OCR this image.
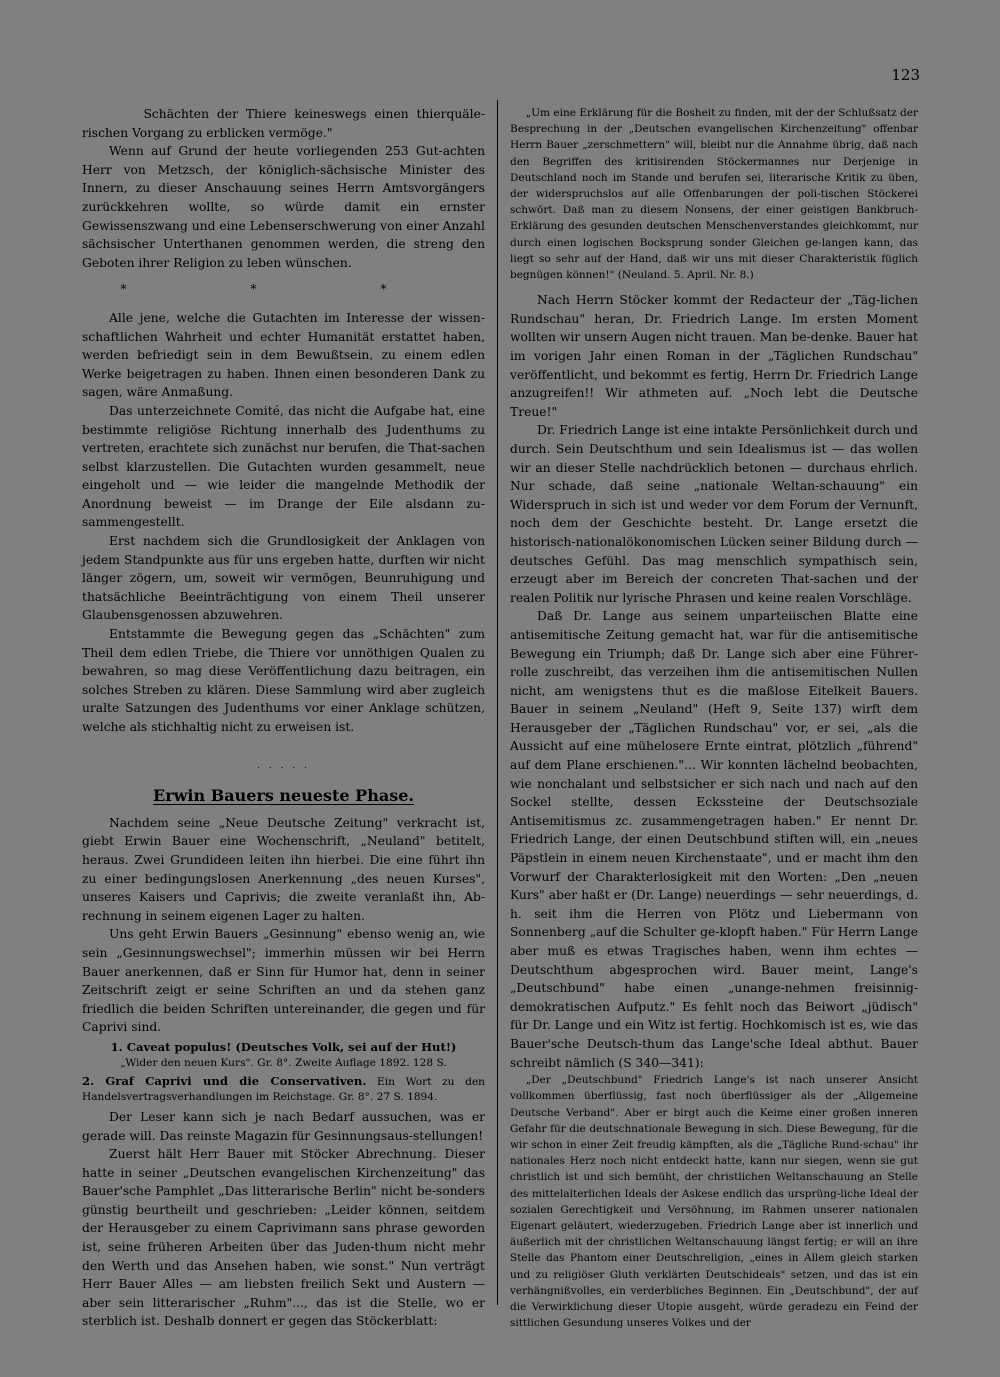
123

Schächten der Thiere keineswegs einen thierquäle-rischen Vorgang zu erblicken vermöge."

Wenn auf Grund der heute vorliegenden 253 Gut-achten Herr von Metzsch, der königlich-sächsische Minister des Innern, zu dieser Anschauung seines Herrn Amtsvorgängers zurückkehren wollte, so würde damit ein ernster Gewissenszwang und eine Lebenserschwerung von einer Anzahl sächsischer Unterthanen genommen werden, die streng den Geboten ihrer Religion zu leben wünschen.

* * *

Alle jene, welche die Gutachten im Interesse der wissen-schaftlichen Wahrheit und echter Humanität erstattet haben, werden befriedigt sein in dem Bewußtsein, zu einem edlen Werke beigetragen zu haben. Ihnen einen besonderen Dank zu sagen, wäre Anmaßung.

Das unterzeichnete Comité, das nicht die Aufgabe hat, eine bestimmte religiöse Richtung innerhalb des Judenthums zu vertreten, erachtete sich zunächst nur berufen, die That-sachen selbst klarzustellen. Die Gutachten wurden gesammelt, neue eingeholt und — wie leider die mangelnde Methodik der Anordnung beweist — im Drange der Eile alsdann zu-sammengestellt.

Erst nachdem sich die Grundlosigkeit der Anklagen von jedem Standpunkte aus für uns ergeben hatte, durften wir nicht länger zögern, um, soweit wir vermögen, Beunruhigung und thatsächliche Beeinträchtigung von einem Theil unserer Glaubensgenossen abzuwehren.

Entstammte die Bewegung gegen das „Schächten" zum Theil dem edlen Triebe, die Thiere vor unnöthigen Qualen zu bewahren, so mag diese Veröffentlichung dazu beitragen, ein solches Streben zu klären. Diese Sammlung wird aber zugleich uralte Satzungen des Judenthums vor einer Anklage schützen, welche als stichhaltig nicht zu erweisen ist.

. . . . .
Erwin Bauers neueste Phase.

Nachdem seine „Neue Deutsche Zeitung" verkracht ist, giebt Erwin Bauer eine Wochenschrift, „Neuland" betitelt, heraus. Zwei Grundideen leiten ihn hierbei. Die eine führt ihn zu einer bedingungslosen Anerkennung „des neuen Kurses", unseres Kaisers und Caprivis; die zweite veranlaßt ihn, Ab-rechnung in seinem eigenen Lager zu halten.

Uns geht Erwin Bauers „Gesinnung" ebenso wenig an, wie sein „Gesinnungswechsel"; immerhin müssen wir bei Herrn Bauer anerkennen, daß er Sinn für Humor hat, denn in seiner Zeitschrift zeigt er seine Schriften an und da stehen ganz friedlich die beiden Schriften untereinander, die gegen und für Caprivi sind.

1. Caveat populus! (Deutsches Volk, sei auf der Hut!)
„Wider den neuen Kurs". Gr. 8°. Zweite Auflage 1892. 128 S.
2. Graf Caprivi und die Conservativen. Ein Wort zu den Handelsvertragsverhandlungen im Reichstage. Gr. 8°. 27 S. 1894.

Der Leser kann sich je nach Bedarf aussuchen, was er gerade will. Das reinste Magazin für Gesinnungsaus-stellungen!

Zuerst hält Herr Bauer mit Stöcker Abrechnung. Dieser hatte in seiner „Deutschen evangelischen Kirchenzeitung" das Bauer'sche Pamphlet „Das litterarische Berlin" nicht be-sonders günstig beurtheilt und geschrieben: „Leider können, seitdem der Herausgeber zu einem Caprivimann sans phrase geworden ist, seine früheren Arbeiten über das Juden-thum nicht mehr den Werth und das Ansehen haben, wie sonst." Nun verträgt Herr Bauer Alles — am liebsten freilich Sekt und Austern — aber sein litterarischer „Ruhm"..., das ist die Stelle, wo er sterblich ist. Deshalb donnert er gegen das Stöckerblatt:

„Um eine Erklärung für die Bosheit zu finden, mit der der Schlußsatz der Besprechung in der „Deutschen evangelischen Kirchenzeitung" offenbar Herrn Bauer „zerschmettern" will, bleibt nur die Annahme übrig, daß nach den Begriffen des kritisirenden Stöckermannes nur Derjenige in Deutschland noch im Stande und berufen sei, literarische Kritik zu üben, der widerspruchslos auf alle Offenbarungen der poli-tischen Stöckerei schwört. Daß man zu diesem Nonsens, der einer geistigen Bankbruch-Erklärung des gesunden deutschen Menschenverstandes gleichkommt, nur durch einen logischen Bocksprung sonder Gleichen ge-langen kann, das liegt so sehr auf der Hand, daß wir uns mit dieser Charakteristik füglich begnügen können!" (Neuland. 5. April. Nr. 8.)

Nach Herrn Stöcker kommt der Redacteur der „Täg-lichen Rundschau" heran, Dr. Friedrich Lange. Im ersten Moment wollten wir unsern Augen nicht trauen. Man be-denke. Bauer hat im vorigen Jahr einen Roman in der „Täglichen Rundschau" veröffentlicht, und bekommt es fertig, Herrn Dr. Friedrich Lange anzugreifen!! Wir athmeten auf. „Noch lebt die Deutsche Treue!"

Dr. Friedrich Lange ist eine intakte Persönlichkeit durch und durch. Sein Deutschthum und sein Idealismus ist — das wollen wir an dieser Stelle nachdrücklich betonen — durchaus ehrlich. Nur schade, daß seine „nationale Weltan-schauung" ein Widerspruch in sich ist und weder vor dem Forum der Vernunft, noch dem der Geschichte besteht. Dr. Lange ersetzt die historisch-nationalökonomischen Lücken seiner Bildung durch — deutsches Gefühl. Das mag menschlich sympathisch sein, erzeugt aber im Bereich der concreten That-sachen und der realen Politik nur lyrische Phrasen und keine realen Vorschläge.

Daß Dr. Lange aus seinem unparteiischen Blatte eine antisemitische Zeitung gemacht hat, war für die antisemitische Bewegung ein Triumph; daß Dr. Lange sich aber eine Führer-rolle zuschreibt, das verzeihen ihm die antisemitischen Nullen nicht, am wenigstens thut es die maßlose Eitelkeit Bauers. Bauer in seinem „Neuland" (Heft 9, Seite 137) wirft dem Herausgeber der „Täglichen Rundschau" vor, er sei, „als die Aussicht auf eine mühelosere Ernte eintrat, plötzlich „führend" auf dem Plane erschienen."... Wir konnten lächelnd beobachten, wie nonchalant und selbstsicher er sich nach und nach auf den Sockel stellte, dessen Eckssteine der Deutschsoziale Antisemitismus zc. zusammengetragen haben." Er nennt Dr. Friedrich Lange, der einen Deutschbund stiften will, ein „neues Päpstlein in einem neuen Kirchenstaate", und er macht ihm den Vorwurf der Charakterlosigkeit mit den Worten: „Den „neuen Kurs" aber haßt er (Dr. Lange) neuerdings — sehr neuerdings, d. h. seit ihm die Herren von Plötz und Liebermann von Sonnenberg „auf die Schulter ge-klopft haben." Für Herrn Lange aber muß es etwas Tragisches haben, wenn ihm echtes — Deutschthum abgesprochen wird. Bauer meint, Lange's „Deutschbund" habe einen „unange-nehmen freisinnig-demokratischen Aufputz." Es fehlt noch das Beiwort „jüdisch" für Dr. Lange und ein Witz ist fertig. Hochkomisch ist es, wie das Bauer'sche Deutsch-thum das Lange'sche Ideal abthut. Bauer schreibt nämlich (S 340—341):

„Der „Deutschbund" Friedrich Lange's ist nach unserer Ansicht vollkommen überflüssig, fast noch überflüssiger als der „Allgemeine Deutsche Verband". Aber er birgt auch die Keime einer großen inneren Gefahr für die deutschnationale Bewegung in sich. Diese Bewegung, für die wir schon in einer Zeit freudig kämpften, als die „Tägliche Rund-schau" ihr nationales Herz noch nicht entdeckt hatte, kann nur siegen, wenn sie gut christlich ist und sich bemüht, der christlichen Weltanschauung an Stelle des mittelalterlichen Ideals der Askese endlich das ursprüng-liche Ideal der sozialen Gerechtigkeit und Versöhnung, im Rahmen unserer nationalen Eigenart geläutert, wiederzugeben. Friedrich Lange aber ist innerlich und äußerlich mit der christlichen Weltanschauung längst fertig; er will an ihre Stelle das Phantom einer Deutschreligion, „eines in Allem gleich starken und zu religiöser Gluth verklärten Deutschideals" setzen, und das ist ein verhängnißvolles, ein verderbliches Beginnen. Ein „Deutschbund", der auf die Verwirklichung dieser Utopie ausgeht, würde geradezu ein Feind der sittlichen Gesundung unseres Volkes und der
